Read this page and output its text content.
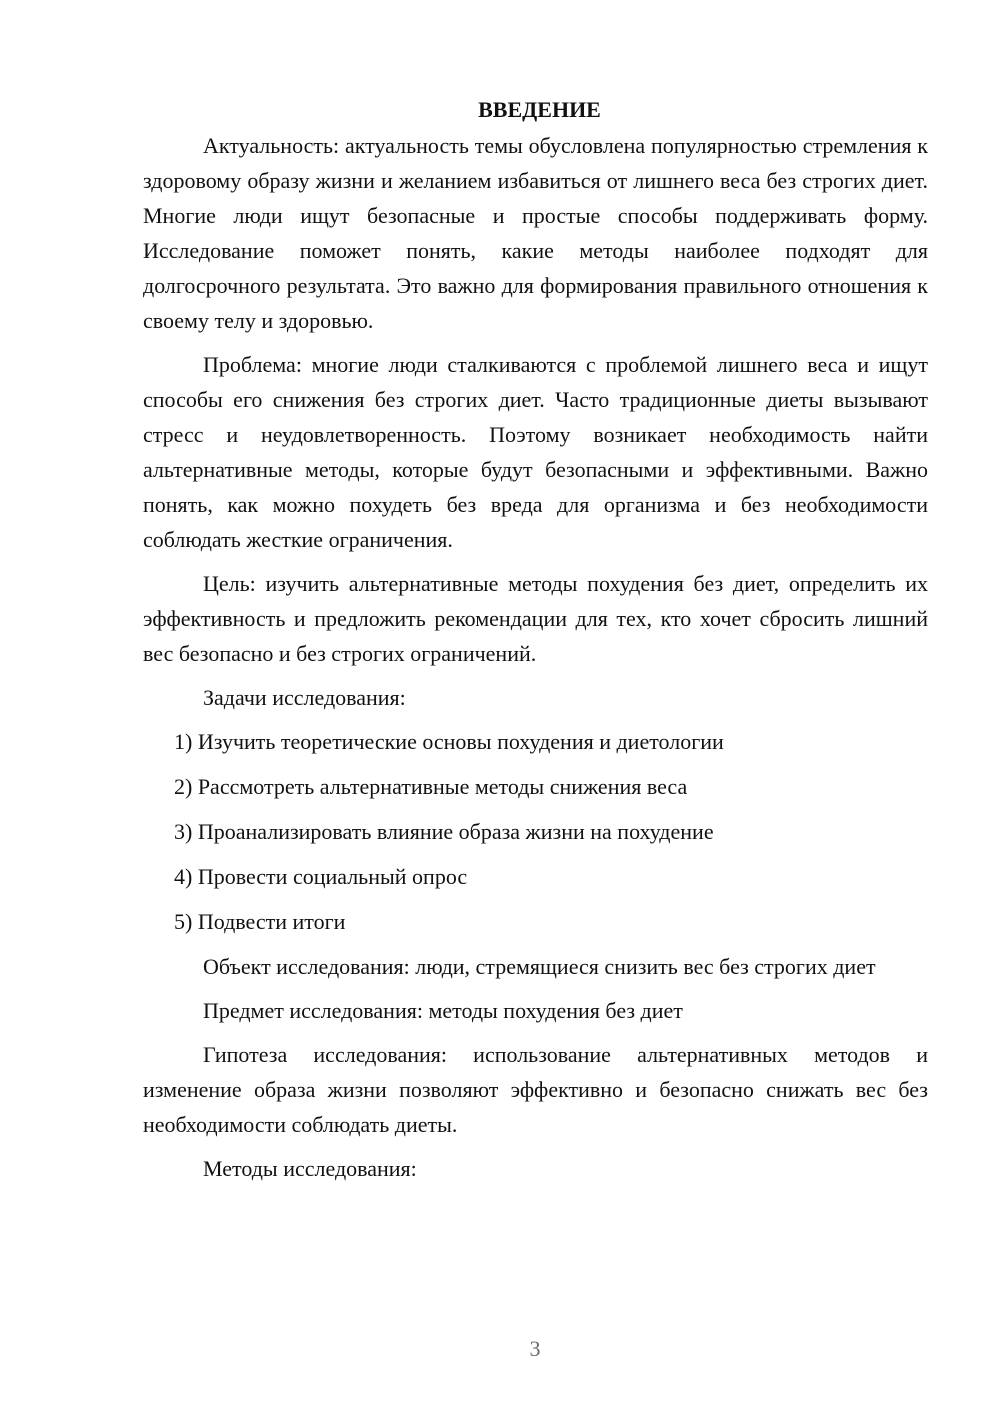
ВВЕДЕНИЕ

Актуальность: актуальность темы обусловлена популярностью стремления к здоровому образу жизни и желанием избавиться от лишнего веса без строгих диет. Многие люди ищут безопасные и простые способы поддерживать форму. Исследование поможет понять, какие методы наиболее подходят для долгосрочного результата. Это важно для формирования правильного отношения к своему телу и здоровью.

Проблема: многие люди сталкиваются с проблемой лишнего веса и ищут способы его снижения без строгих диет. Часто традиционные диеты вызывают стресс и неудовлетворенность. Поэтому возникает необходимость найти альтернативные методы, которые будут безопасными и эффективными. Важно понять, как можно похудеть без вреда для организма и без необходимости соблюдать жесткие ограничения.

Цель: изучить альтернативные методы похудения без диет, определить их эффективность и предложить рекомендации для тех, кто хочет сбросить лишний вес безопасно и без строгих ограничений.

Задачи исследования:

1) Изучить теоретические основы похудения и диетологии
2) Рассмотреть альтернативные методы снижения веса
3) Проанализировать влияние образа жизни на похудение
4) Провести социальный опрос
5) Подвести итоги

Объект исследования: люди, стремящиеся снизить вес без строгих диет

Предмет исследования: методы похудения без диет

Гипотеза исследования: использование альтернативных методов и изменение образа жизни позволяют эффективно и безопасно снижать вес без необходимости соблюдать диеты.

Методы исследования:

3
